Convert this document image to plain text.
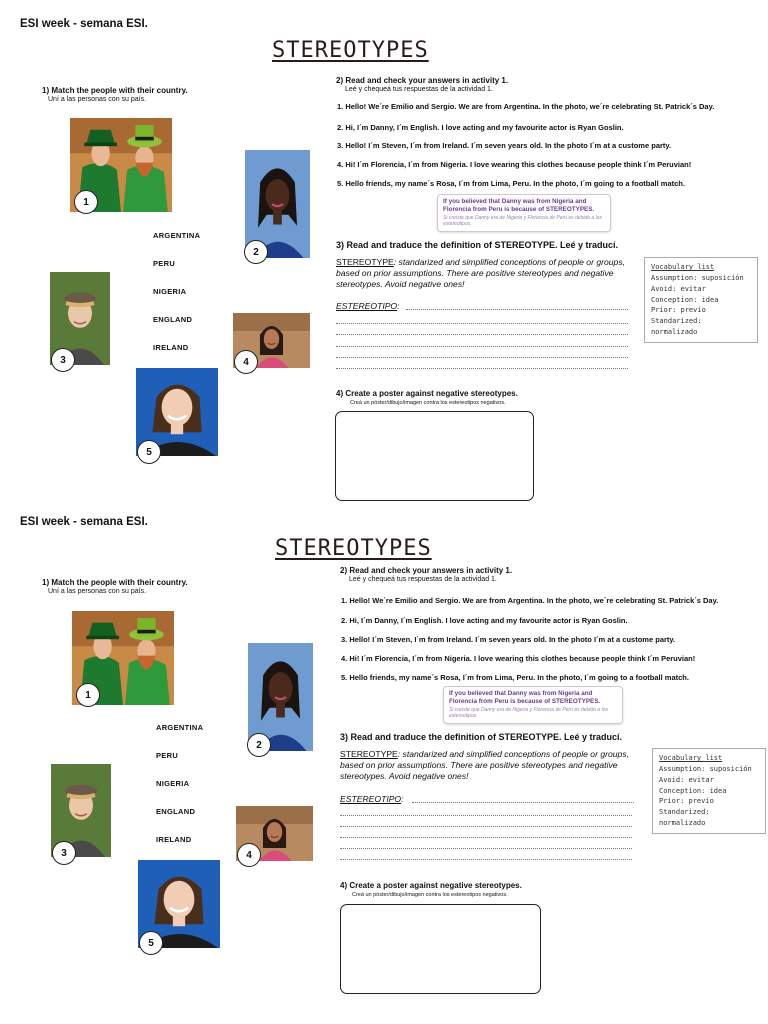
ESI week - semana ESI.
STEREOTYPES
1) Match the people with their country.
Uní a las personas con su país.
1
2
3	4
5
ARGENTINA
PERU
NIGERIA
ENGLAND
IRELAND
2) Read and check your answers in activity 1.
Leé y chequeá tus respuestas de la actividad 1.
1. Hello! We´re Emilio and Sergio. We are from Argentina. In the photo, we´re celebrating St. Patrick´s Day.
2. Hi, I´m Danny, I´m English. I love acting and my favourite actor is Ryan Goslin.
3. Hello! I´m Steven, I´m from Ireland. I´m seven years old. In the photo I´m at a custome party.
4. Hi! I´m Florencia, I´m from Nigeria. I love wearing this clothes because people think I´m Peruvian!
5. Hello friends, my name´s Rosa, I´m from Lima, Peru. In the photo, I´m going to a football match.
If you believed that Danny was from Nigeria and Florencia from Peru is because of STEREOTYPES.
Si creíste que Danny era de Nigeria y Florencia de Perú es debido a los estereotipos.
3) Read and traduce the definition of STEREOTYPE. Leé y traducí.
STEREOTYPE: standarized and simplified conceptions of people or groups, based on prior assumptions. There are positive stereotypes and negative stereotypes. Avoid negative ones!
ESTEREOTIPO:
Vocabulary list
Assumption: suposición
Avoid: evitar
Conception: idea
Prior: previo
Standarized: normalizado
4) Create a poster against negative stereotypes.
Creá un póster/dibujo/imagen contra los estereotipos negativos.
ESI week - semana ESI.
STEREOTYPES
1) Match the people with their country.
Uní a las personas con su país.
1
2
3	4
5
ARGENTINA
PERU
NIGERIA
ENGLAND
IRELAND
2) Read and check your answers in activity 1.
Leé y chequeá tus respuestas de la actividad 1.
1. Hello! We´re Emilio and Sergio. We are from Argentina. In the photo, we´re celebrating St. Patrick´s Day.
2. Hi, I´m Danny, I´m English. I love acting and my favourite actor is Ryan Goslin.
3. Hello! I´m Steven, I´m from Ireland. I´m seven years old. In the photo I´m at a custome party.
4. Hi! I´m Florencia, I´m from Nigeria. I love wearing this clothes because people think I´m Peruvian!
5. Hello friends, my name´s Rosa, I´m from Lima, Peru. In the photo, I´m going to a football match.
If you believed that Danny was from Nigeria and Florencia from Peru is because of STEREOTYPES.
Si creíste que Danny era de Nigeria y Florencia de Perú es debido a los estereotipos.
3) Read and traduce the definition of STEREOTYPE. Leé y traducí.
STEREOTYPE: standarized and simplified conceptions of people or groups, based on prior assumptions. There are positive stereotypes and negative stereotypes. Avoid negative ones!
ESTEREOTIPO:
Vocabulary list
Assumption: suposición
Avoid: evitar
Conception: idea
Prior: previo
Standarized: normalizado
4) Create a poster against negative stereotypes.
Creá un póster/dibujo/imagen contra los estereotipos negativos.
